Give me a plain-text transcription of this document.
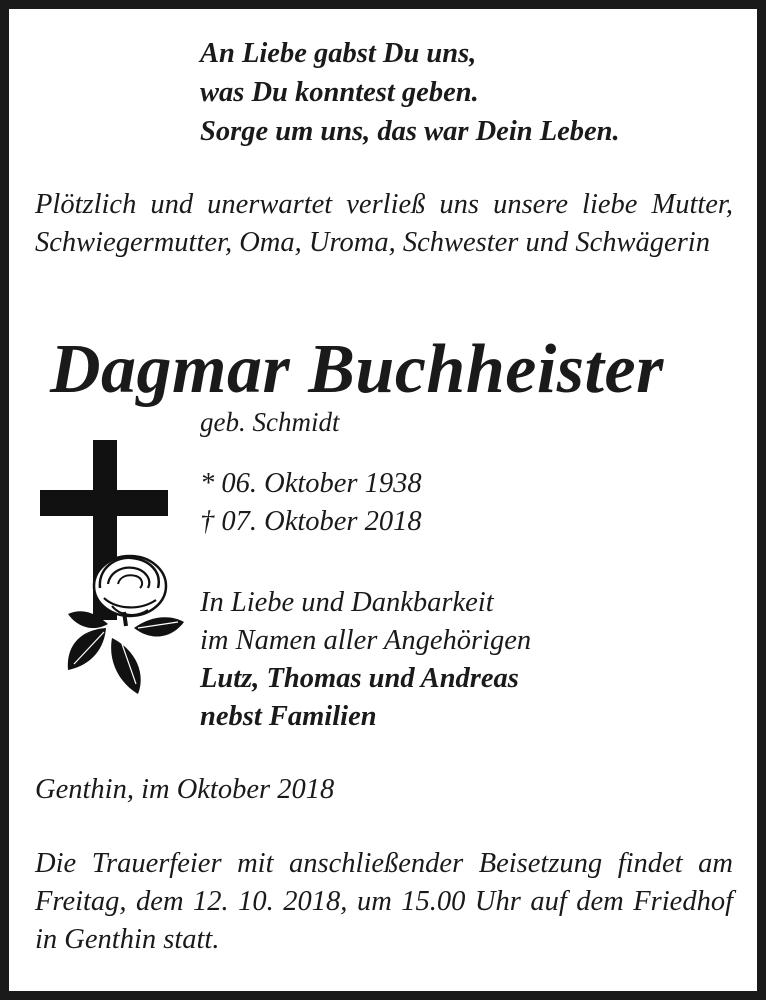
An Liebe gabst Du uns,
was Du konntest geben.
Sorge um uns, das war Dein Leben.

Plötzlich und unerwartet verließ uns unsere liebe Mutter, Schwiegermutter, Oma, Uroma, Schwester und Schwägerin

Dagmar Buchheister
geb. Schmidt
* 06. Oktober 1938
† 07. Oktober 2018
In Liebe und Dankbarkeit
im Namen aller Angehörigen
Lutz, Thomas und Andreas
nebst Familien
Genthin, im Oktober 2018

Die Trauerfeier mit anschließender Beisetzung findet am Freitag, dem 12. 10. 2018, um 15.00 Uhr auf dem Friedhof in Genthin statt.
